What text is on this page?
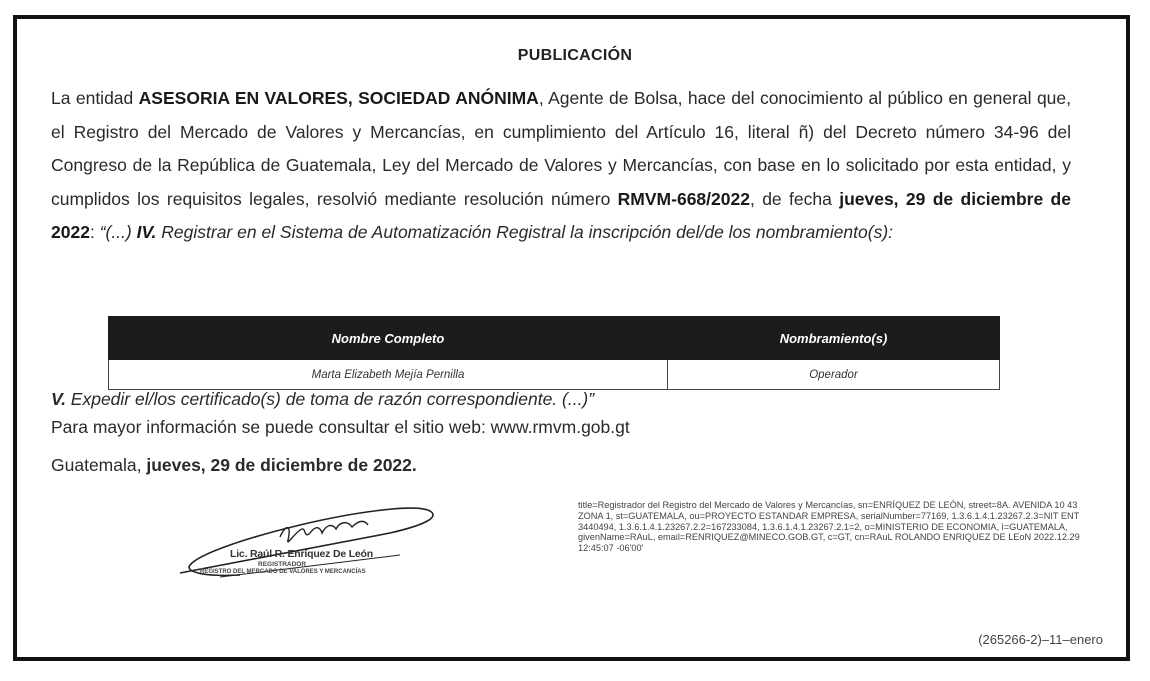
PUBLICACIÓN
La entidad ASESORIA EN VALORES, SOCIEDAD ANÓNIMA, Agente de Bolsa, hace del conocimiento al público en general que, el Registro del Mercado de Valores y Mercancías, en cumplimiento del Artículo 16, literal ñ) del Decreto número 34-96 del Congreso de la República de Guatemala, Ley del Mercado de Valores y Mercancías, con base en lo solicitado por esta entidad, y cumplidos los requisitos legales, resolvió mediante resolución número RMVM-668/2022, de fecha jueves, 29 de diciembre de 2022: “(...) IV. Registrar en el Sistema de Automatización Registral la inscripción del/de los nombramiento(s):
Nombre Completo	Nombramiento(s)
Marta Elizabeth Mejía Pernilla	Operador
V. Expedir el/los certificado(s) de toma de razón correspondiente. (...)”
Para mayor información se puede consultar el sitio web: www.rmvm.gob.gt
Guatemala, jueves, 29 de diciembre de 2022.
Lic. Raúl R. Enríquez De León
REGISTRADOR
REGISTRO DEL MERCADO DE VALORES Y MERCANCÍAS
title=Registrador del Registro del Mercado de Valores y Mercancías, sn=ENRÍQUEZ DE LEÓN, street=8A. AVENIDA 10 43 ZONA 1, st=GUATEMALA, ou=PROYECTO ESTANDAR EMPRESA, serialNumber=77169, 1.3.6.1.4.1.23267.2.3=NIT ENT 3440494, 1.3.6.1.4.1.23267.2.2=167233084, 1.3.6.1.4.1.23267.2.1=2, o=MINISTERIO DE ECONOMIA, l=GUATEMALA, givenName=RAuL, email=RENRIQUEZ@MINECO.GOB.GT, c=GT, cn=RAuL ROLANDO ENRIQUEZ DE LEoN 2022.12.29 12:45:07 -06'00'
(265266-2)–11–enero
